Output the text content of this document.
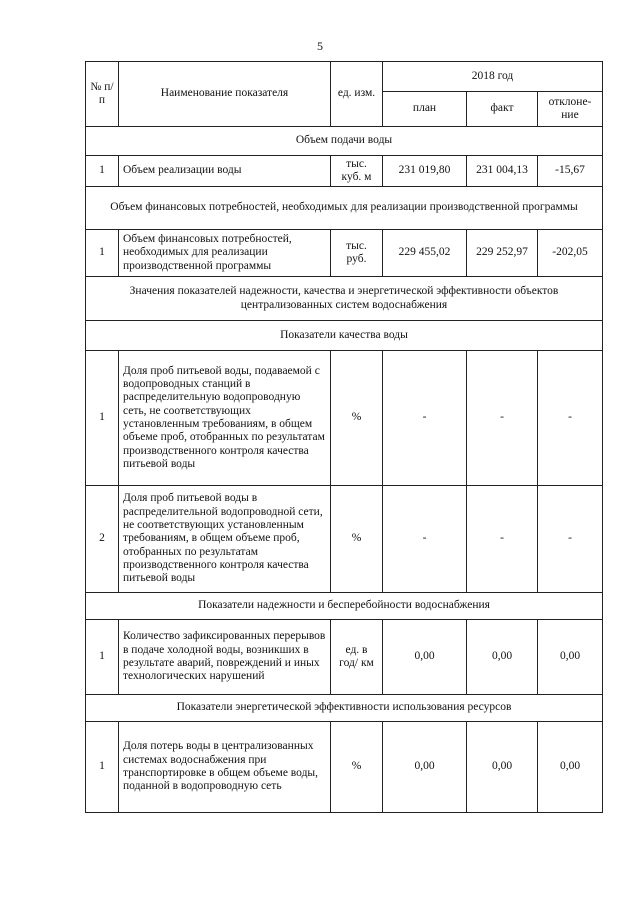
5
№ п/п	Наименование показателя	ед. изм.	2018 год		
			план	факт	отклоне-ние
Объем подачи воды					
1	Объем реализации воды	тыс. куб. м	231 019,80	231 004,13	-15,67
Объем финансовых потребностей, необходимых для реализации производственной программы					
1	Объем финансовых потребностей, необходимых для реализации производственной программы	тыс. руб.	229 455,02	229 252,97	-202,05
Значения показателей надежности, качества и энергетической эффективности объектов централизованных систем водоснабжения					
Показатели качества воды					
1	Доля проб питьевой воды, подаваемой с водопроводных станций в распределительную водопроводную сеть, не соответствующих установленным требованиям, в общем объеме проб, отобранных по результатам производственного контроля качества питьевой воды	%	-	-	-
2	Доля проб питьевой воды в распределительной водопроводной сети, не соответствующих установленным требованиям, в общем объеме проб, отобранных по результатам производственного контроля качества питьевой воды	%	-	-	-
Показатели надежности и бесперебойности водоснабжения					
1	Количество зафиксированных перерывов в подаче холодной воды, возникших в результате аварий, повреждений и иных технологических нарушений	ед. в год/ км	0,00	0,00	0,00
Показатели энергетической эффективности использования ресурсов					
1	Доля потерь воды в централизованных системах водоснабжения при транспортировке в общем объеме воды, поданной в водопроводную сеть	%	0,00	0,00	0,00
